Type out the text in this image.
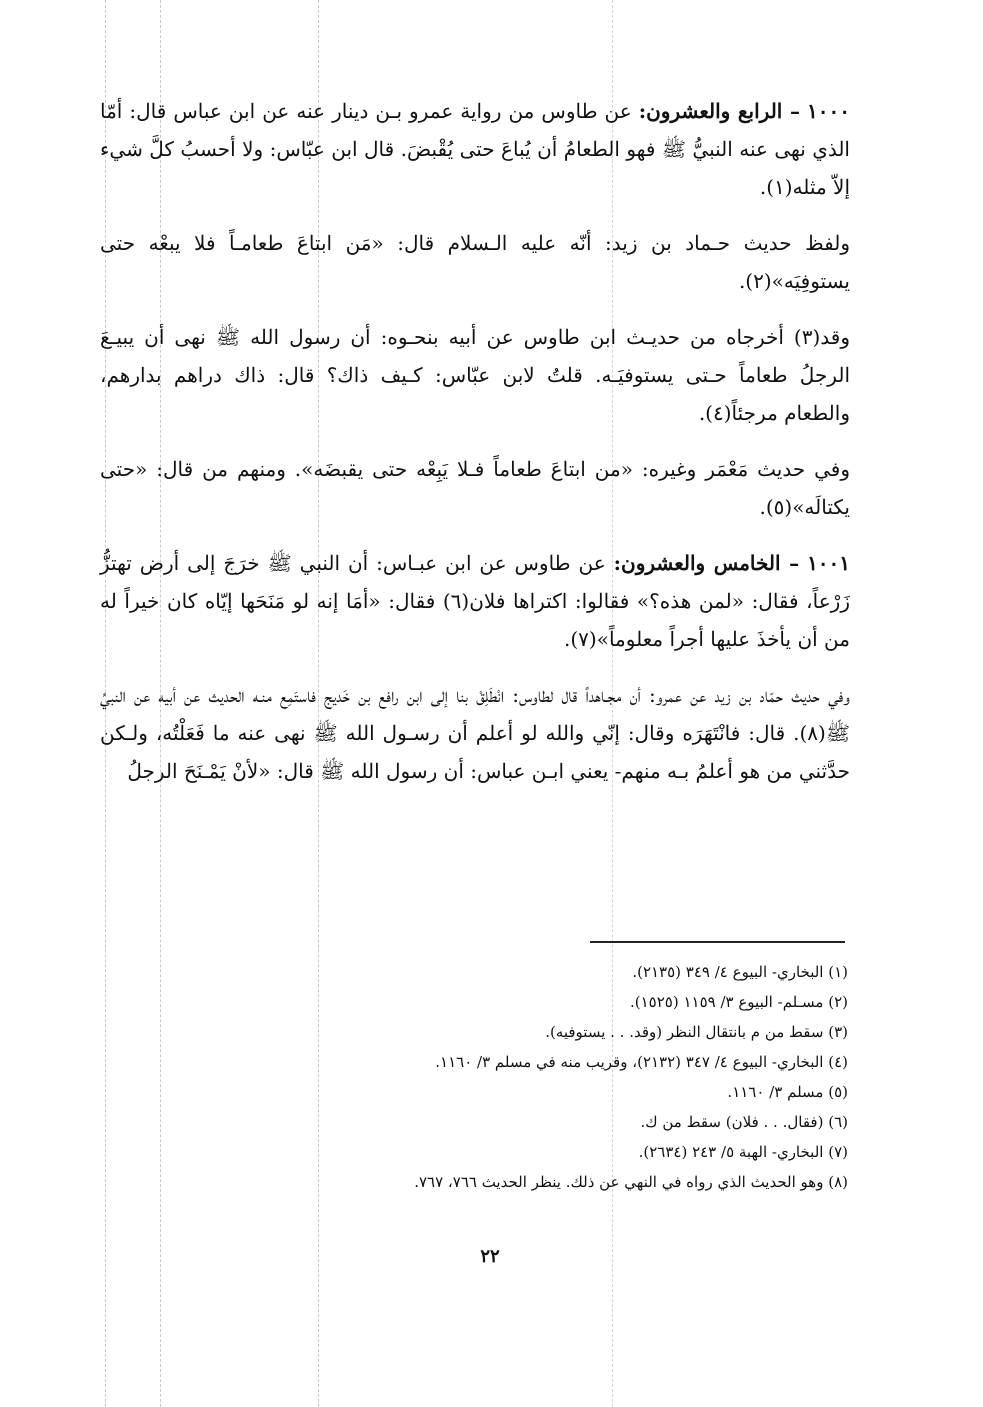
١٠٠٠ – الرابع والعشرون: عن طاوس من رواية عمرو بـن دينار عنه عن ابن عباس قال: أمّا الذي نهى عنه النبيُّ ﷺ فهو الطعامُ أن يُباعَ حتى يُقْبضَ. قال ابن عبّاس: ولا أحسبُ كلَّ شيء إلاّ مثله(١).

ولفظ حديث حـماد بن زيد: أنّه عليه الـسلام قال: «مَن ابتاعَ طعامـاً فلا يبعْه حتى يستوفِيَه»(٢).

وقد(٣) أخرجاه من حديـث ابن طاوس عن أبيه بنحـوه: أن رسول الله ﷺ نهى أن يبيـعَ الرجلُ طعاماً حـتى يستوفيَـه. قلتُ لابن عبّاس: كـيف ذاك؟ قال: ذاك دراهم بدارهم، والطعام مرجئاً(٤).

وفي حديث مَعْمَر وغيره: «من ابتاعَ طعاماً فـلا يَبِعْه حتى يقبضَه». ومنهم من قال: «حتى يكتالَه»(٥).

١٠٠١ – الخامس والعشرون: عن طاوس عن ابن عبـاس: أن النبي ﷺ خرَجَ إلى أرض تهتزُّ زَرْعاً، فقال: «لمن هذه؟» فقالوا: اكتراها فلان(٦) فقال: «أمَا إنه لو مَنَحَها إيّاه كان خيراً له من أن يأخذَ عليها أجراً معلوماً»(٧).

وفي حديث حمّاد بن زيد عن عمرو: أن مجـاهداً قال لطاوس: انْطَلِقْ بنا إلى ابن رافع بن خَديج فاستَمِع منـه الحديث عن أبيه عن النبيِّ ﷺ(٨). قال: فانْتَهَرَه وقال: إنّي والله لو أعلم أن رسـول الله ﷺ نهى عنه ما فَعَلْتُه، ولـكن حدَّثني من هو أعلمُ بـه منهم- يعني ابـن عباس: أن رسول الله ﷺ قال: «لأنْ يَمْـنَحَ الرجلُ

(١) البخاري- البيوع ٤/ ٣٤٩ (٢١٣٥).
(٢) مسـلم- البيوع ٣/ ١١٥٩ (١٥٢٥).
(٣) سقط من م بانتقال النظر (وقد. . . يستوفيه).
(٤) البخاري- البيوع ٤/ ٣٤٧ (٢١٣٢)، وقريب منه في مسلم ٣/ ١١٦٠.
(٥) مسلم ٣/ ١١٦٠.
(٦) (فقال. . . فلان) سقط من ك.
(٧) البخاري- الهبة ٥/ ٢٤٣ (٢٦٣٤).
(٨) وهو الحديث الذي رواه في النهي عن ذلك. ينظر الحديث ٧٦٦، ٧٦٧.
٢٢
